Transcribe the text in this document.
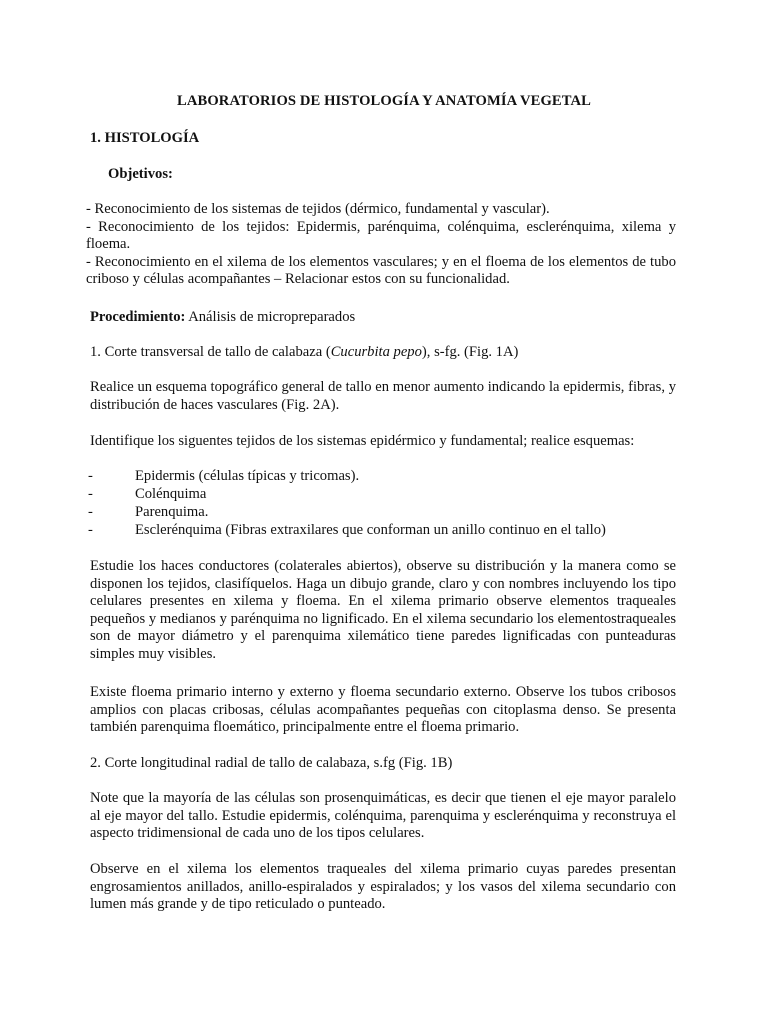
LABORATORIOS DE HISTOLOGÍA Y ANATOMÍA VEGETAL
1. HISTOLOGÍA
Objetivos:

- Reconocimiento de los sistemas de tejidos (dérmico, fundamental y vascular).

- Reconocimiento de los tejidos: Epidermis, parénquima, colénquima, esclerénquima, xilema y floema.

- Reconocimiento en el xilema de los elementos vasculares; y en el floema de los elementos de tubo criboso y células acompañantes – Relacionar estos con su funcionalidad.

Procedimiento: Análisis de micropreparados
1. Corte transversal de tallo de calabaza (Cucurbita pepo), s-fg. (Fig. 1A)
Realice un esquema topográfico general de tallo en menor aumento indicando la epidermis, fibras, y distribución de haces vasculares (Fig. 2A).
Identifique los siguentes tejidos de los sistemas epidérmico y fundamental; realice esquemas:
-	Epidermis (células típicas y tricomas).
-	Colénquima
-	Parenquima.
-	Esclerénquima (Fibras extraxilares que conforman un anillo continuo en el tallo)
Estudie los haces conductores (colaterales abiertos), observe su distribución y la manera como se disponen los tejidos, clasifíquelos. Haga un dibujo grande, claro y con nombres incluyendo los tipo celulares presentes en xilema y floema. En el xilema primario observe elementos traqueales pequeños y medianos y parénquima no lignificado. En el xilema secundario los elementostraqueales son de mayor diámetro y el parenquima xilemático tiene paredes lignificadas con punteaduras simples muy visibles.
Existe floema primario interno y externo y floema secundario externo. Observe los tubos cribosos amplios con placas cribosas, células acompañantes pequeñas con citoplasma denso. Se presenta también parenquima floemático, principalmente entre el floema primario.
2. Corte longitudinal radial de tallo de calabaza, s.fg (Fig. 1B)
Note que la mayoría de las células son prosenquimáticas, es decir que tienen el eje mayor paralelo al eje mayor del tallo. Estudie epidermis, colénquima, parenquima y esclerénquima y reconstruya el aspecto tridimensional de cada uno de los tipos celulares.
Observe en el xilema los elementos traqueales del xilema primario cuyas paredes presentan engrosamientos anillados, anillo-espiralados y espiralados; y los vasos del xilema secundario con lumen más grande y de tipo reticulado o punteado.
